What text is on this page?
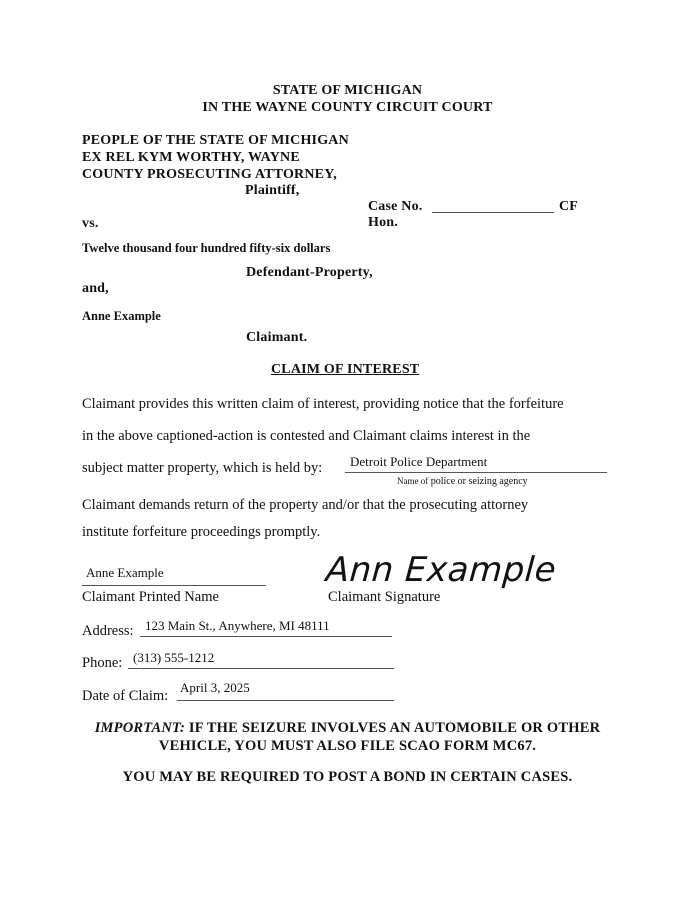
STATE OF MICHIGAN
IN THE WAYNE COUNTY CIRCUIT COURT
PEOPLE OF THE STATE OF MICHIGAN
EX REL KYM WORTHY, WAYNE
COUNTY PROSECUTING ATTORNEY,
Plaintiff,
Case No.	CF
Hon.
vs.
Twelve thousand four hundred fifty-six dollars
Defendant-Property,
and,
Anne Example
Claimant.
CLAIM OF INTEREST
Claimant provides this written claim of interest, providing notice that the forfeiture
in the above captioned-action is contested and Claimant claims interest in the
subject matter property, which is held by: Detroit Police Department
Name of police or seizing agency
Claimant demands return of the property and/or that the prosecuting attorney
institute forfeiture proceedings promptly.
Anne Example
Claimant Printed Name
Ann Example
Claimant Signature
Address: 123 Main St., Anywhere, MI 48111
Phone: (313) 555-1212
Date of Claim:
April 3, 2025
IMPORTANT: IF THE SEIZURE INVOLVES AN AUTOMOBILE OR OTHER
VEHICLE, YOU MUST ALSO FILE SCAO FORM MC67.
YOU MAY BE REQUIRED TO POST A BOND IN CERTAIN CASES.
